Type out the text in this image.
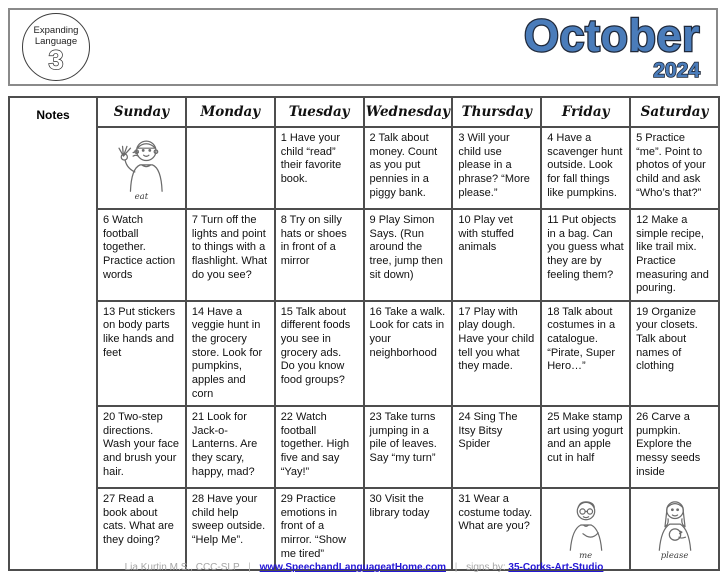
Expanding
Language
3	October
2024
Notes	Sunday	Monday	Tuesday	Wednesday	Thursday	Friday	Saturday

	eat		1 Have your child “read” their favorite book.	2 Talk about money. Count as you put pennies in a piggy bank.	3 Will your child use please in a phrase? “More please.”	4 Have a scavenger hunt outside. Look for fall things like pumpkins.	5 Practice “me”. Point to photos of your child and ask “Who’s that?”

	6 Watch football together. Practice action words	7 Turn off the lights and point to things with a flashlight. What do you see?	8 Try on silly hats or shoes in front of a mirror	9 Play Simon Says. (Run around the tree, jump then sit down)	10 Play vet with stuffed animals	11 Put objects in a bag. Can you guess what they are by feeling them?	12 Make a simple recipe, like trail mix. Practice measuring and pouring.

	13 Put stickers on body parts like hands and feet	14 Have a veggie hunt in the grocery store. Look for pumpkins, apples and corn	15 Talk about different foods you see in grocery ads. Do you know food groups?	16 Take a walk. Look for cats in your neighborhood	17 Play with play dough. Have your child tell you what they made.	18 Talk about costumes in a catalogue. “Pirate, Super Hero…”	19 Organize your closets. Talk about names of clothing

	20 Two-step directions. Wash your face and brush your hair.	21 Look for Jack-o-Lanterns. Are they scary, happy, mad?	22 Watch football together. High five and say “Yay!”	23 Take turns jumping in a pile of leaves. Say “my turn”	24 Sing The Itsy Bitsy Spider	25 Make stamp art using yogurt and an apple cut in half	26 Carve a pumpkin. Explore the messy seeds inside

	27 Read a book about cats. What are they doing?	28 Have your child help sweep outside. “Help Me”.	29 Practice emotions in front of a mirror. “Show me tired”	30 Visit the library today	31 Wear a costume today. What are you?	me	please
Lia Kurtin M.S., CCC-SLP | www.SpeechandLanguageatHome.com | signs by: 35-Corks-Art-Studio
